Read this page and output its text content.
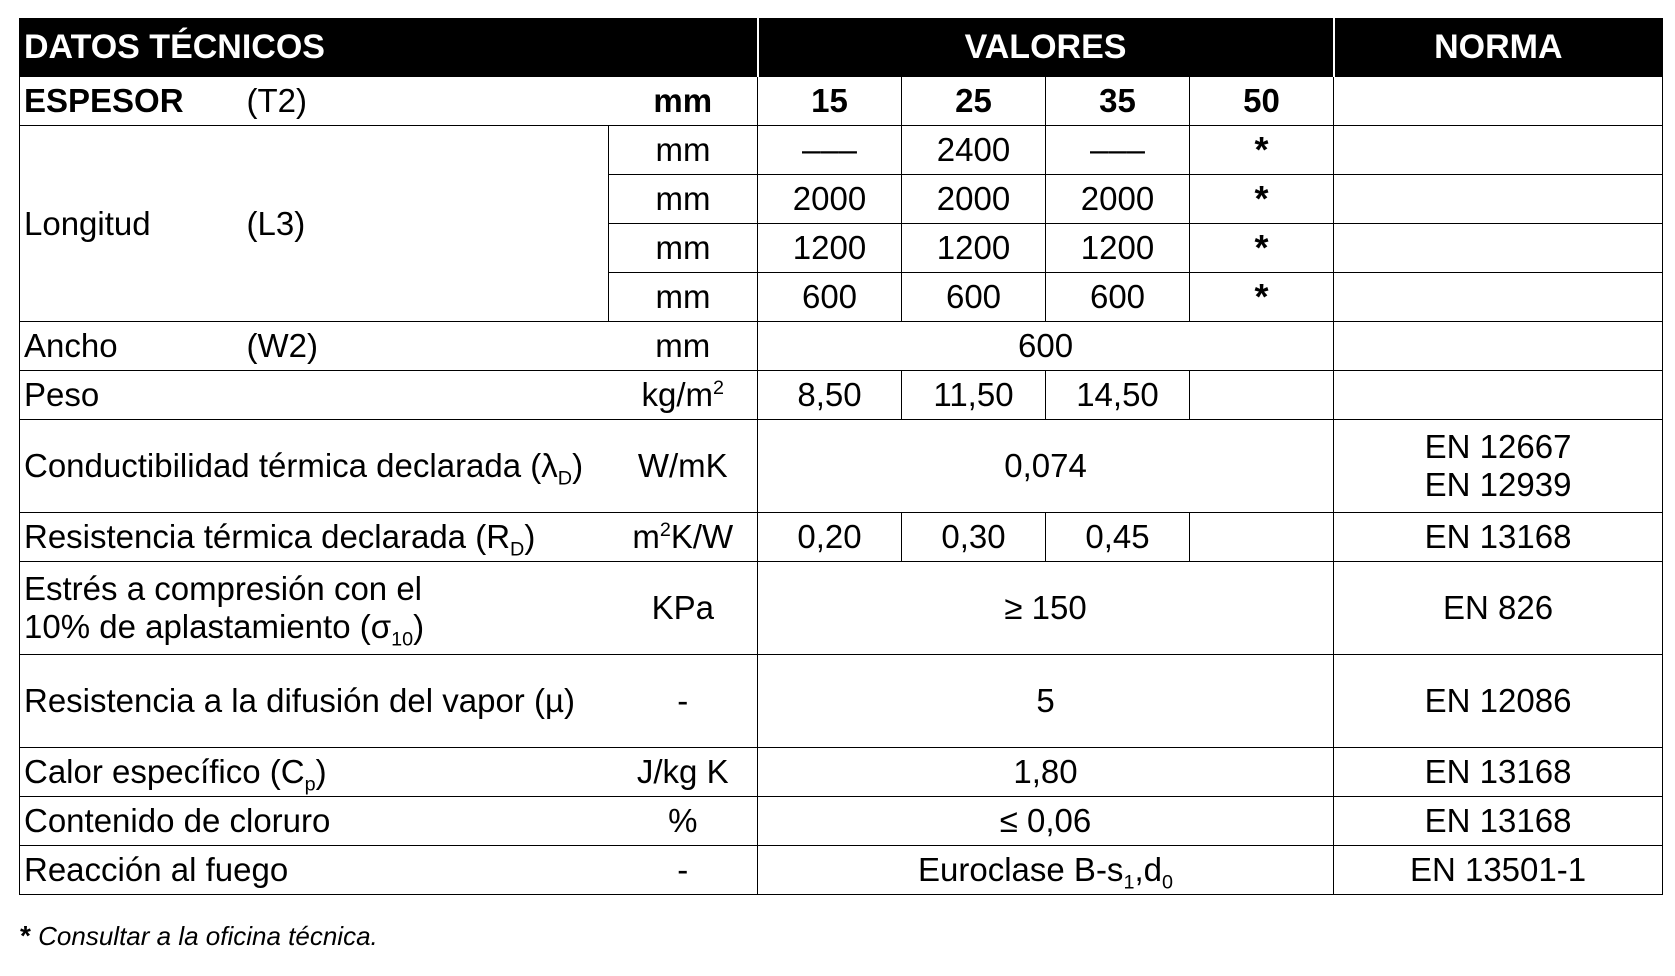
DATOS TÉCNICOS			VALORES				NORMA
ESPESOR	(T2)	mm	15	25	35	50	
Longitud	(L3)	mm	–––	2400	–––	*	
		mm	2000	2000	2000	*	
		mm	1200	1200	1200	*	
		mm	600	600	600	*	
Ancho	(W2)	mm	600				
Peso		$kg/m^2$	8,50	11,50	14,50		
Conductibilidad térmica declarada $(\lambda_D)$		W/mK	0,074				EN 12667
EN 12939

Resistencia térmica declarada $(R_D)$		$m^2K/W$	0,20	0,30	0,45		EN 13168

Estrés a compresión con el
10% de aplastamiento $(\sigma_{10})$		KPa	≥ 150				EN 826
Resistencia a la difusión del vapor (µ)		-	5				EN 12086
Calor específico $(C_p)$		J/kg K	1,80				EN 13168
Contenido de cloruro		%	≤ 0,06				EN 13168
Reacción al fuego		-	Euroclase $B-s_1,d_0$				EN 13501-1
* Consultar a la oficina técnica.
